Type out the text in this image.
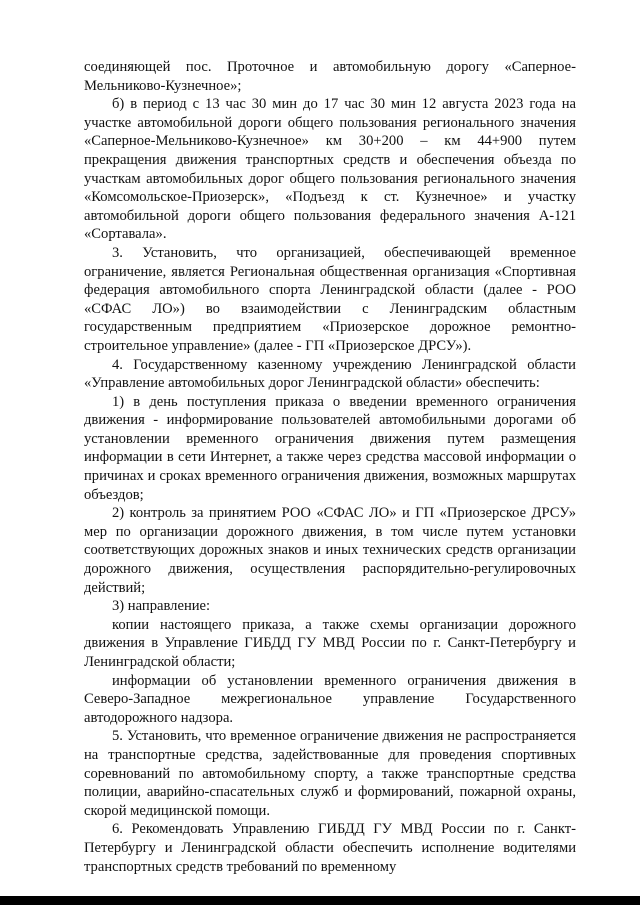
соединяющей пос. Проточное и автомобильную дорогу «Саперное-Мельниково-Кузнечное»;

б) в период с 13 час 30 мин до 17 час 30 мин 12 августа 2023 года на участке автомобильной дороги общего пользования регионального значения «Саперное-Мельниково-Кузнечное» км 30+200 – км 44+900 путем прекращения движения транспортных средств и обеспечения объезда по участкам автомобильных дорог общего пользования регионального значения «Комсомольское-Приозерск», «Подъезд к ст. Кузнечное» и участку автомобильной дороги общего пользования федерального значения А-121 «Сортавала».

3. Установить, что организацией, обеспечивающей временное ограничение, является Региональная общественная организация «Спортивная федерация автомобильного спорта Ленинградской области (далее - РОО «СФАС ЛО») во взаимодействии с Ленинградским областным государственным предприятием «Приозерское дорожное ремонтно-строительное управление» (далее - ГП «Приозерское ДРСУ»).

4. Государственному казенному учреждению Ленинградской области «Управление автомобильных дорог Ленинградской области» обеспечить:

1) в день поступления приказа о введении временного ограничения движения - информирование пользователей автомобильными дорогами об установлении временного ограничения движения путем размещения информации в сети Интернет, а также через средства массовой информации о причинах и сроках временного ограничения движения, возможных маршрутах объездов;

2) контроль за принятием РОО «СФАС ЛО» и ГП «Приозерское ДРСУ» мер по организации дорожного движения, в том числе путем установки соответствующих дорожных знаков и иных технических средств организации дорожного движения, осуществления распорядительно-регулировочных действий;

3) направление:

копии настоящего приказа, а также схемы организации дорожного движения в Управление ГИБДД ГУ МВД России по г. Санкт-Петербургу и Ленинградской области;

информации об установлении временного ограничения движения в Северо-Западное межрегиональное управление Государственного автодорожного надзора.

5. Установить, что временное ограничение движения не распространяется на транспортные средства, задействованные для проведения спортивных соревнований по автомобильному спорту, а также транспортные средства полиции, аварийно-спасательных служб и формирований, пожарной охраны, скорой медицинской помощи.

6. Рекомендовать Управлению ГИБДД ГУ МВД России по г. Санкт-Петербургу и Ленинградской области обеспечить исполнение водителями транспортных средств требований по временному
